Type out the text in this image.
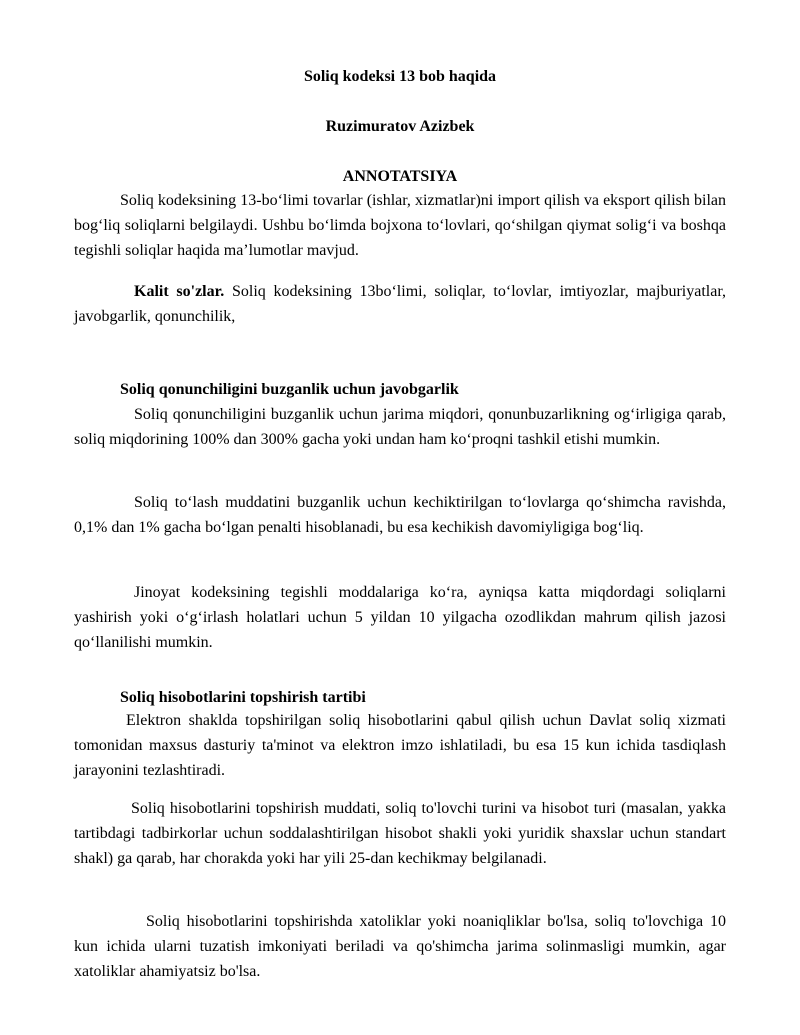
Soliq kodeksi 13 bob haqida
Ruzimuratov Azizbek
ANNOTATSIYA
Soliq kodeksining 13-bo‘limi tovarlar (ishlar, xizmatlar)ni import qilish va eksport qilish bilan bog‘liq soliqlarni belgilaydi. Ushbu bo‘limda bojxona to‘lovlari, qo‘shilgan qiymat solig‘i va boshqa tegishli soliqlar haqida ma’lumotlar mavjud.
Kalit so'zlar. Soliq kodeksining 13bo‘limi, soliqlar, to‘lovlar, imtiyozlar, majburiyatlar, javobgarlik, qonunchilik,
Soliq qonunchiligini buzganlik uchun javobgarlik
Soliq qonunchiligini buzganlik uchun jarima miqdori, qonunbuzarlikning og‘irligiga qarab, soliq miqdorining 100% dan 300% gacha yoki undan ham ko‘proqni tashkil etishi mumkin.
Soliq to‘lash muddatini buzganlik uchun kechiktirilgan to‘lovlarga qo‘shimcha ravishda, 0,1% dan 1% gacha bo‘lgan penalti hisoblanadi, bu esa kechikish davomiyligiga bog‘liq.
Jinoyat kodeksining tegishli moddalariga ko‘ra, ayniqsa katta miqdordagi soliqlarni yashirish yoki o‘g‘irlash holatlari uchun 5 yildan 10 yilgacha ozodlikdan mahrum qilish jazosi qo‘llanilishi mumkin.
Soliq hisobotlarini topshirish tartibi
Elektron shaklda topshirilgan soliq hisobotlarini qabul qilish uchun Davlat soliq xizmati tomonidan maxsus dasturiy ta'minot va elektron imzo ishlatiladi, bu esa 15 kun ichida tasdiqlash jarayonini tezlashtiradi.
Soliq hisobotlarini topshirish muddati, soliq to'lovchi turini va hisobot turi (masalan, yakka tartibdagi tadbirkorlar uchun soddalashtirilgan hisobot shakli yoki yuridik shaxslar uchun standart shakl) ga qarab, har chorakda yoki har yili 25-dan kechikmay belgilanadi.
Soliq hisobotlarini topshirishda xatoliklar yoki noaniqliklar bo'lsa, soliq to'lovchiga 10 kun ichida ularni tuzatish imkoniyati beriladi va qo'shimcha jarima solinmasligi mumkin, agar xatoliklar ahamiyatsiz bo'lsa.
